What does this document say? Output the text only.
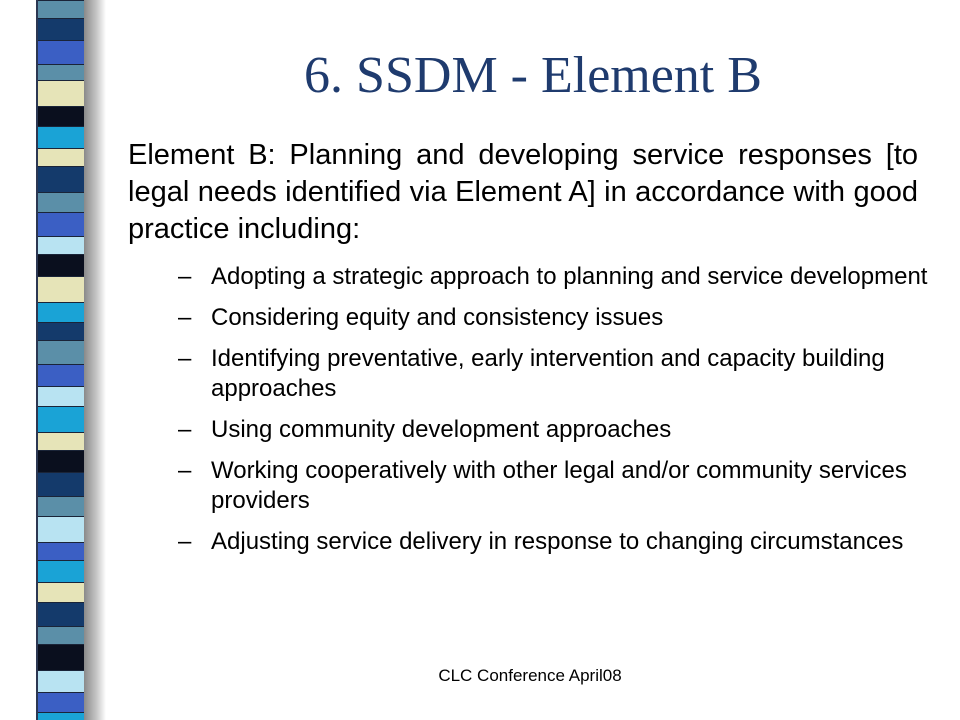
6. SSDM - Element B

Element B: Planning and developing service responses [to legal needs identified via Element A] in accordance with good practice including:

– Adopting a strategic approach to planning and service development
– Considering equity and consistency issues
– Identifying preventative, early intervention and capacity building approaches
– Using community development approaches
– Working cooperatively with other legal and/or community services providers
– Adjusting service delivery in response to changing circumstances
CLC Conference April08
